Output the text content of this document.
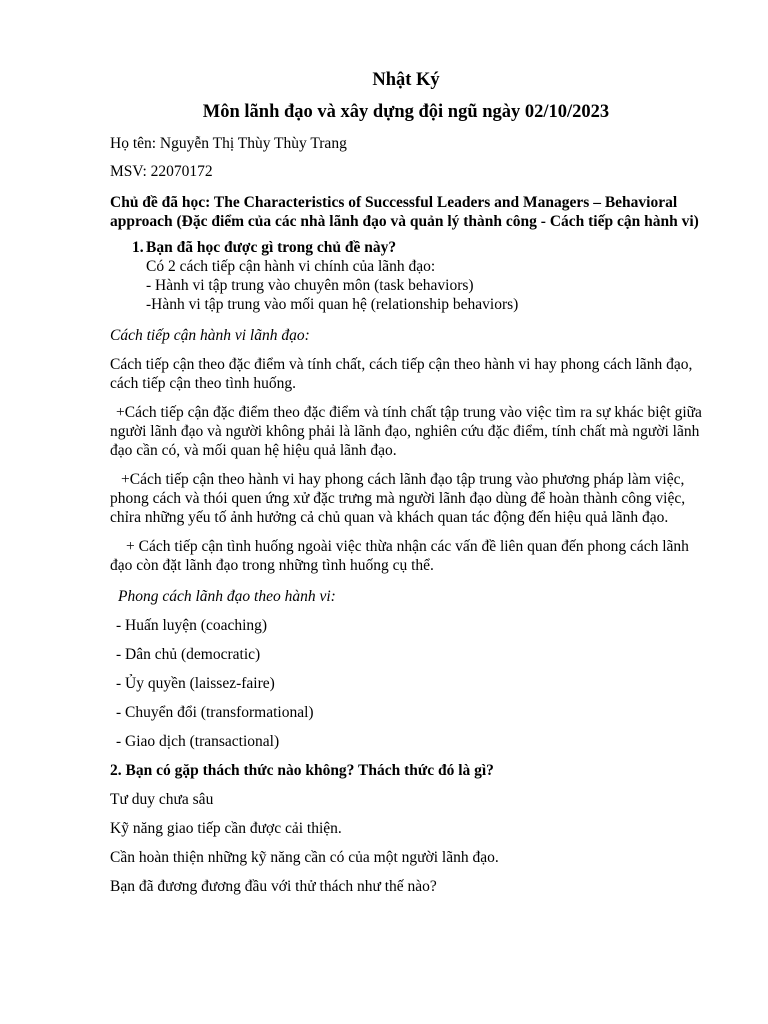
Nhật Ký

Môn lãnh đạo và xây dựng đội ngũ ngày 02/10/2023

Họ tên: Nguyễn Thị Thùy Thùy Trang

MSV: 22070172

Chủ đề đã học: The Characteristics of Successful Leaders and Managers – Behavioral approach (Đặc điểm của các nhà lãnh đạo và quản lý thành công - Cách tiếp cận hành vi)

1. Bạn đã học được gì trong chủ đề này?

Có 2 cách tiếp cận hành vi chính của lãnh đạo:

- Hành vi tập trung vào chuyên môn (task behaviors)

-Hành vi tập trung vào mối quan hệ (relationship behaviors)

Cách tiếp cận hành vi lãnh đạo:

Cách tiếp cận theo đặc điểm và tính chất, cách tiếp cận theo hành vi hay phong cách lãnh đạo, cách tiếp cận theo tình huống.

+Cách tiếp cận đặc điểm theo đặc điểm và tính chất tập trung vào việc tìm ra sự khác biệt giữa người lãnh đạo và người không phải là lãnh đạo, nghiên cứu đặc điểm, tính chất mà người lãnh đạo cần có, và mối quan hệ hiệu quả lãnh đạo.

+Cách tiếp cận theo hành vi hay phong cách lãnh đạo tập trung vào phương pháp làm việc, phong cách và thói quen ứng xử đặc trưng mà người lãnh đạo dùng để hoàn thành công việc, chỉra những yếu tố ảnh hưởng cả chủ quan và khách quan tác động đến hiệu quả lãnh đạo.

+ Cách tiếp cận tình huống ngoài việc thừa nhận các vấn đề liên quan đến phong cách lãnh đạo còn đặt lãnh đạo trong những tình huống cụ thể.

Phong cách lãnh đạo theo hành vi:

- Huấn luyện (coaching)

- Dân chủ (democratic)

- Ủy quyền (laissez-faire)

- Chuyển đổi (transformational)

- Giao dịch (transactional)

2. Bạn có gặp thách thức nào không? Thách thức đó là gì?

Tư duy chưa sâu

Kỹ năng giao tiếp cần được cải thiện.

Cần hoàn thiện những kỹ năng cần có của một người lãnh đạo.

Bạn đã đương đương đầu với thử thách như thế nào?
